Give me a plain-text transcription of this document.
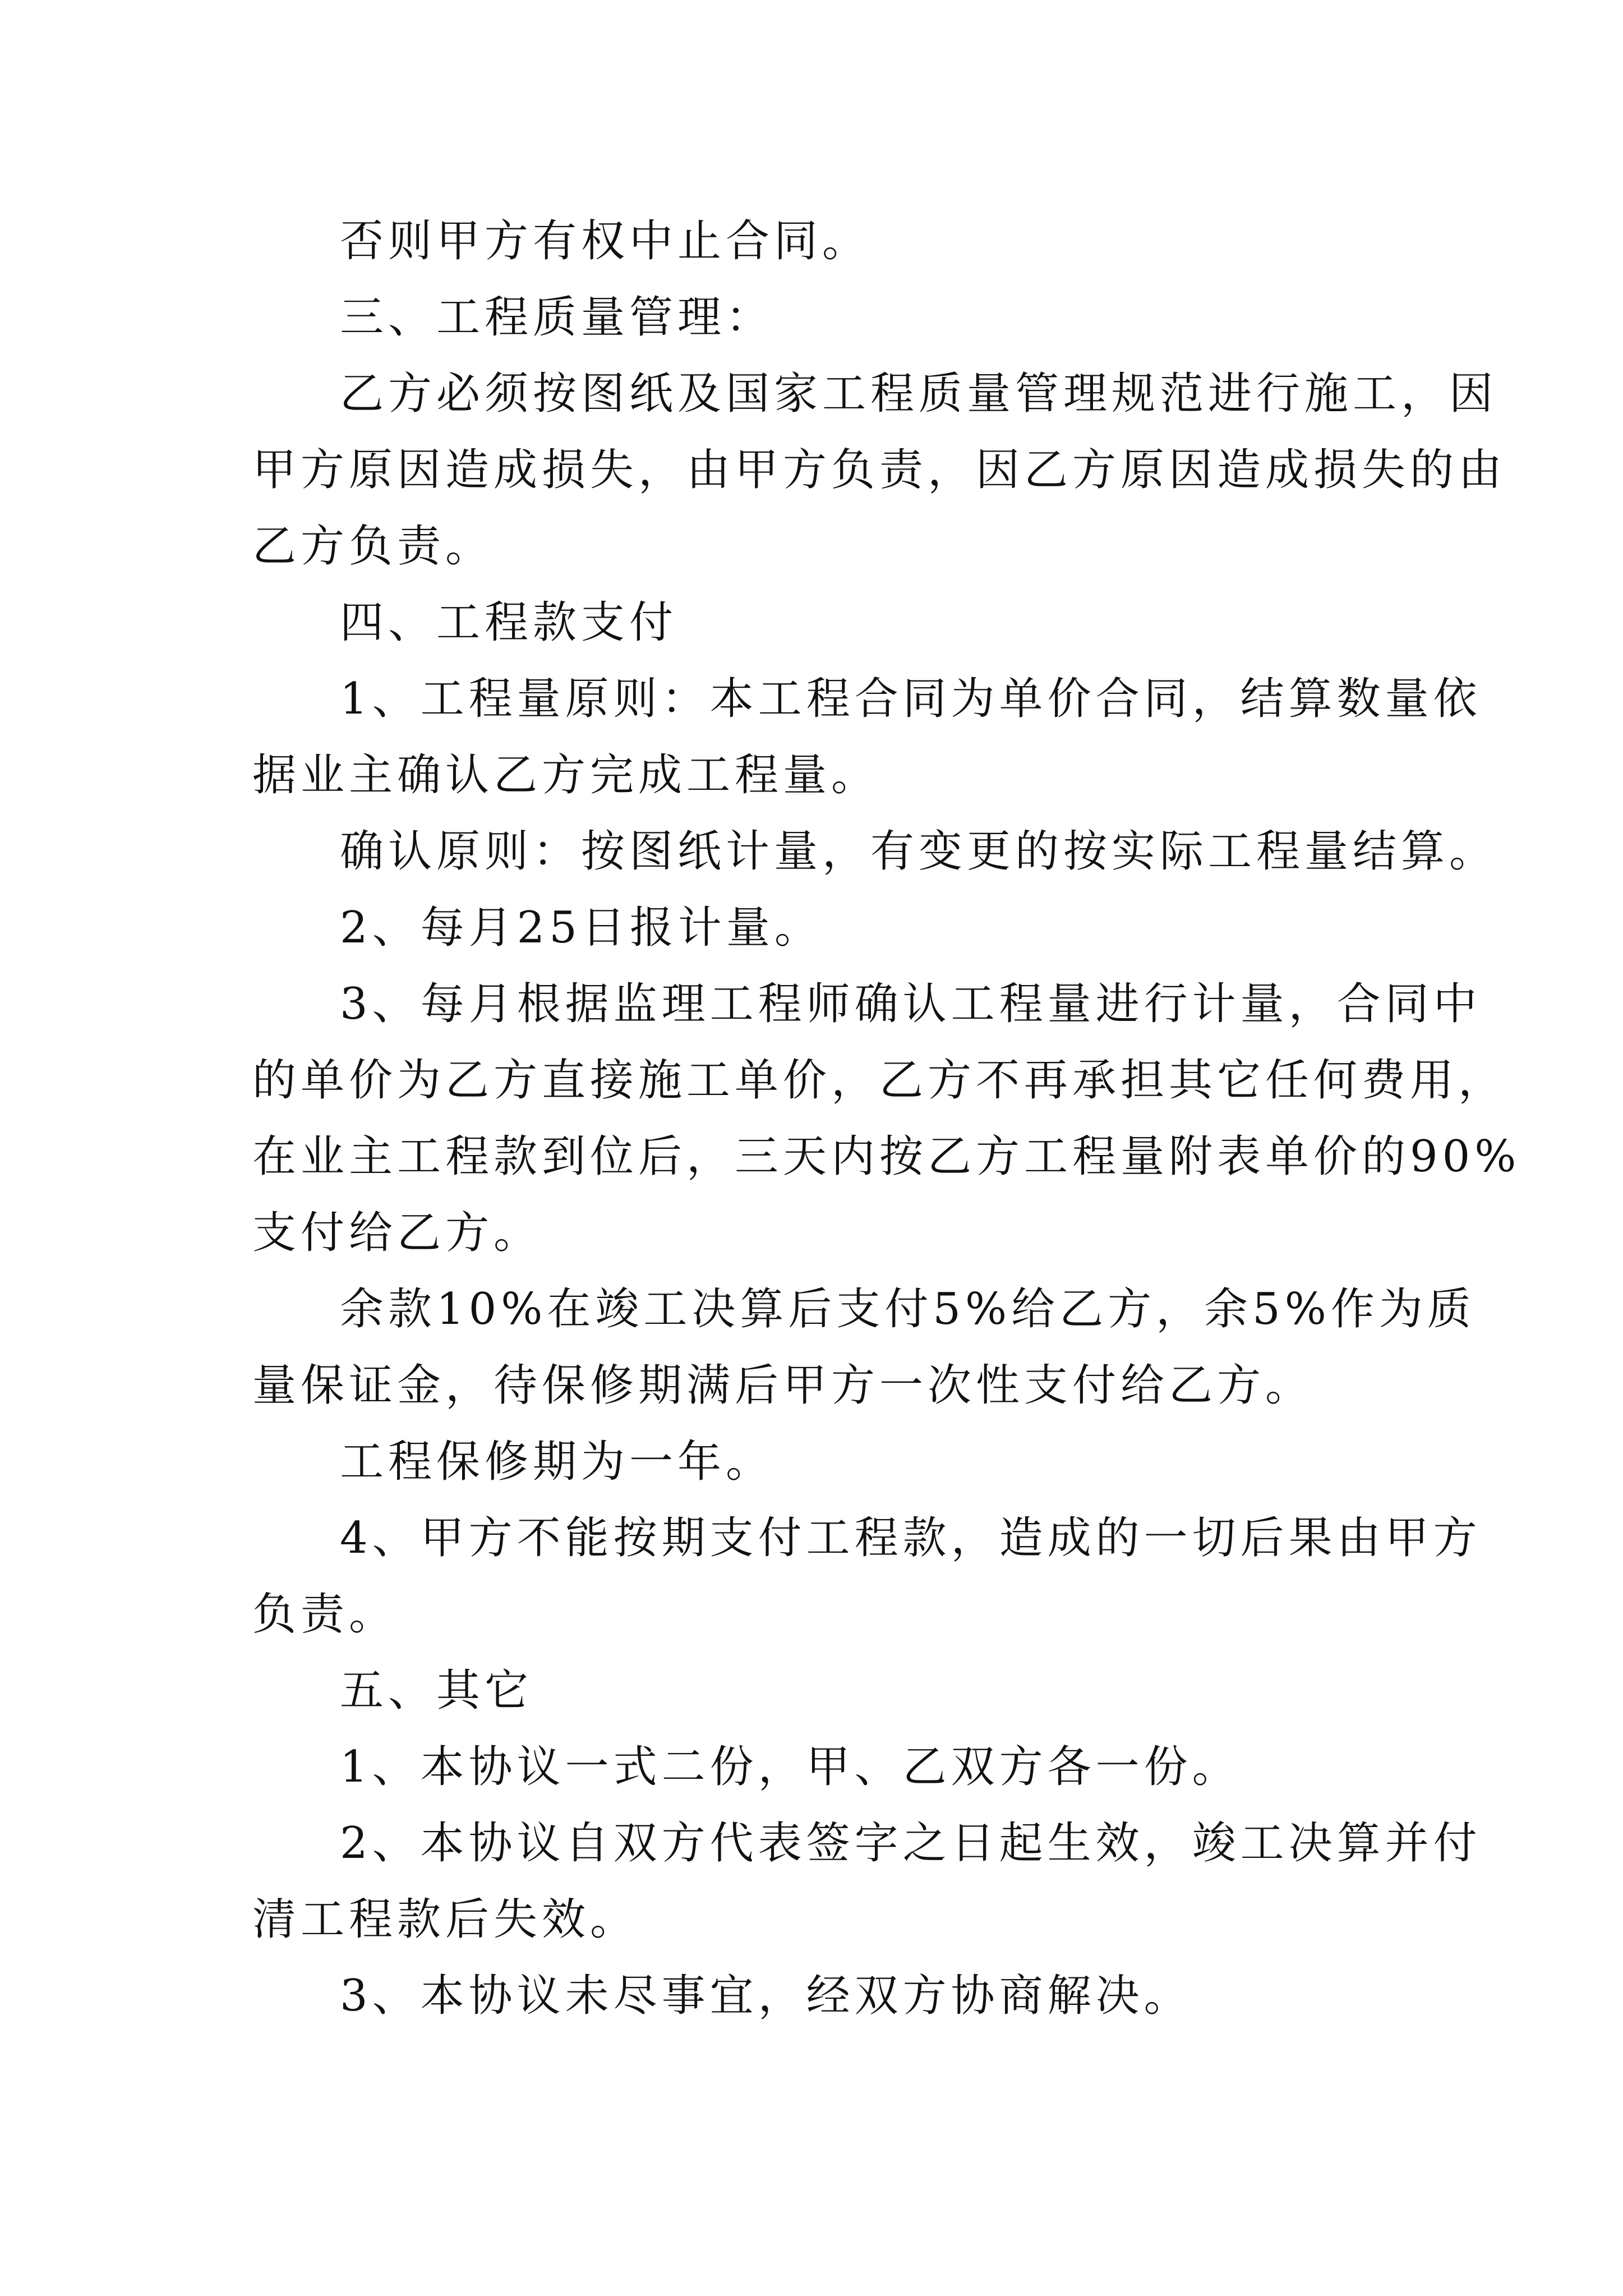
否则甲方有权中止合同。

三、工程质量管理：

乙方必须按图纸及国家工程质量管理规范进行施工，因

甲方原因造成损失，由甲方负责，因乙方原因造成损失的由

乙方负责。

四、工程款支付

1、工程量原则：本工程合同为单价合同，结算数量依

据业主确认乙方完成工程量。

确认原则：按图纸计量，有变更的按实际工程量结算。

2、每月25日报计量。

3、每月根据监理工程师确认工程量进行计量，合同中

的单价为乙方直接施工单价，乙方不再承担其它任何费用，

在业主工程款到位后，三天内按乙方工程量附表单价的90%

支付给乙方。

余款10%在竣工决算后支付5%给乙方，余5%作为质

量保证金，待保修期满后甲方一次性支付给乙方。

工程保修期为一年。

4、甲方不能按期支付工程款，造成的一切后果由甲方

负责。

五、其它

1、本协议一式二份，甲、乙双方各一份。

2、本协议自双方代表签字之日起生效，竣工决算并付

清工程款后失效。

3、本协议未尽事宜，经双方协商解决。
